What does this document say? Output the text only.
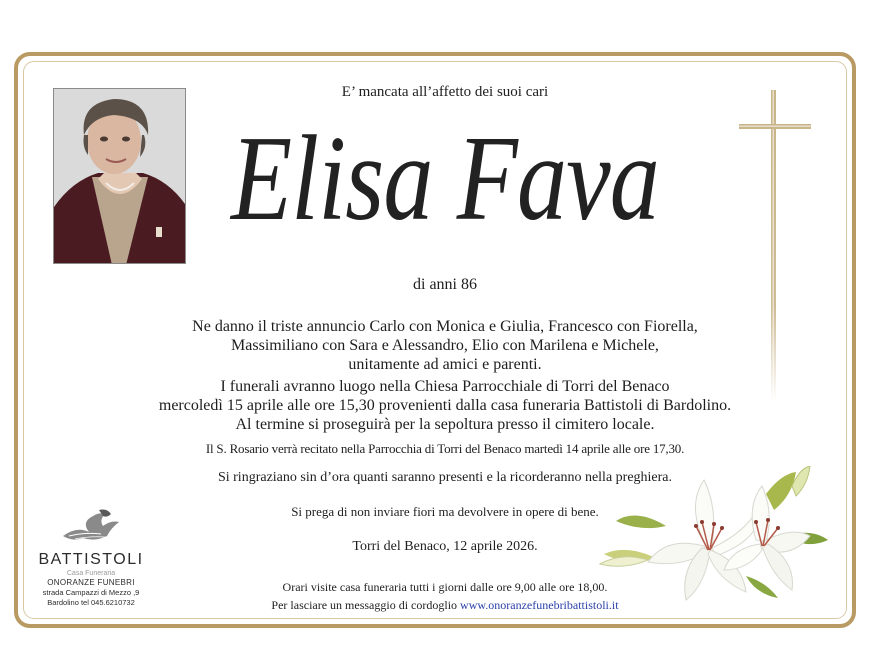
E’ mancata all’affetto dei suoi cari
Elisa Fava
di anni 86
Ne danno il triste annuncio Carlo con Monica e Giulia, Francesco con Fiorella,
Massimiliano con Sara e Alessandro, Elio con Marilena e Michele,
unitamente ad amici e parenti.
I funerali avranno luogo nella Chiesa Parrocchiale di Torri del Benaco
mercoledì 15 aprile alle ore 15,30 provenienti dalla casa funeraria Battistoli di Bardolino.
Al termine si proseguirà per la sepoltura presso il cimitero locale.
Il S. Rosario verrà recitato nella Parrocchia di Torri del Benaco martedì 14 aprile alle ore 17,30.
Si ringraziano sin d’ora quanti saranno presenti e la ricorderanno nella preghiera.
Si prega di non inviare fiori ma devolvere in opere di bene.
Torri del Benaco, 12 aprile 2026.
Orari visite casa funeraria tutti i giorni dalle ore 9,00 alle ore 18,00.
Per lasciare un messaggio di cordoglio www.onoranzefunebribattistoli.it
BATTISTOLI
Casa Funeraria
ONORANZE FUNEBRI
strada Campazzi di Mezzo ,9
Bardolino tel 045.6210732
